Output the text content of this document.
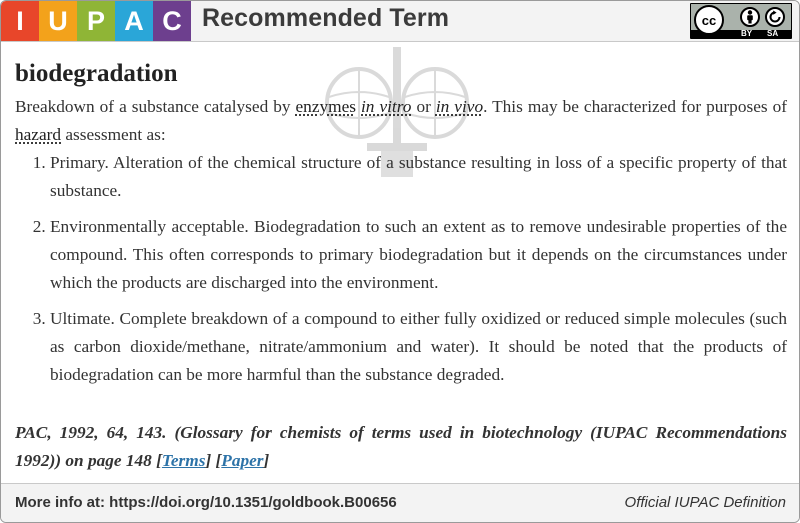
I U P A C Recommended Term	cc
BY SA
biodegradation

Breakdown of a substance catalysed by enzymes in vitro or in vivo. This may be characterized for purposes of hazard assessment as:

1. Primary. Alteration of the chemical structure of a substance resulting in loss of a specific property of that substance.
2. Environmentally acceptable. Biodegradation to such an extent as to remove undesirable properties of the compound. This often corresponds to primary biodegradation but it depends on the circumstances under which the products are discharged into the environment.
3. Ultimate. Complete breakdown of a compound to either fully oxidized or reduced simple molecules (such as carbon dioxide/methane, nitrate/ammonium and water). It should be noted that the products of biodegradation can be more harmful than the substance degraded.
PAC, 1992, 64, 143. (Glossary for chemists of terms used in biotechnology (IUPAC Recommendations 1992)) on page 148 [Terms] [Paper]
More info at: https://doi.org/10.1351/goldbook.B00656	Official IUPAC Definition
